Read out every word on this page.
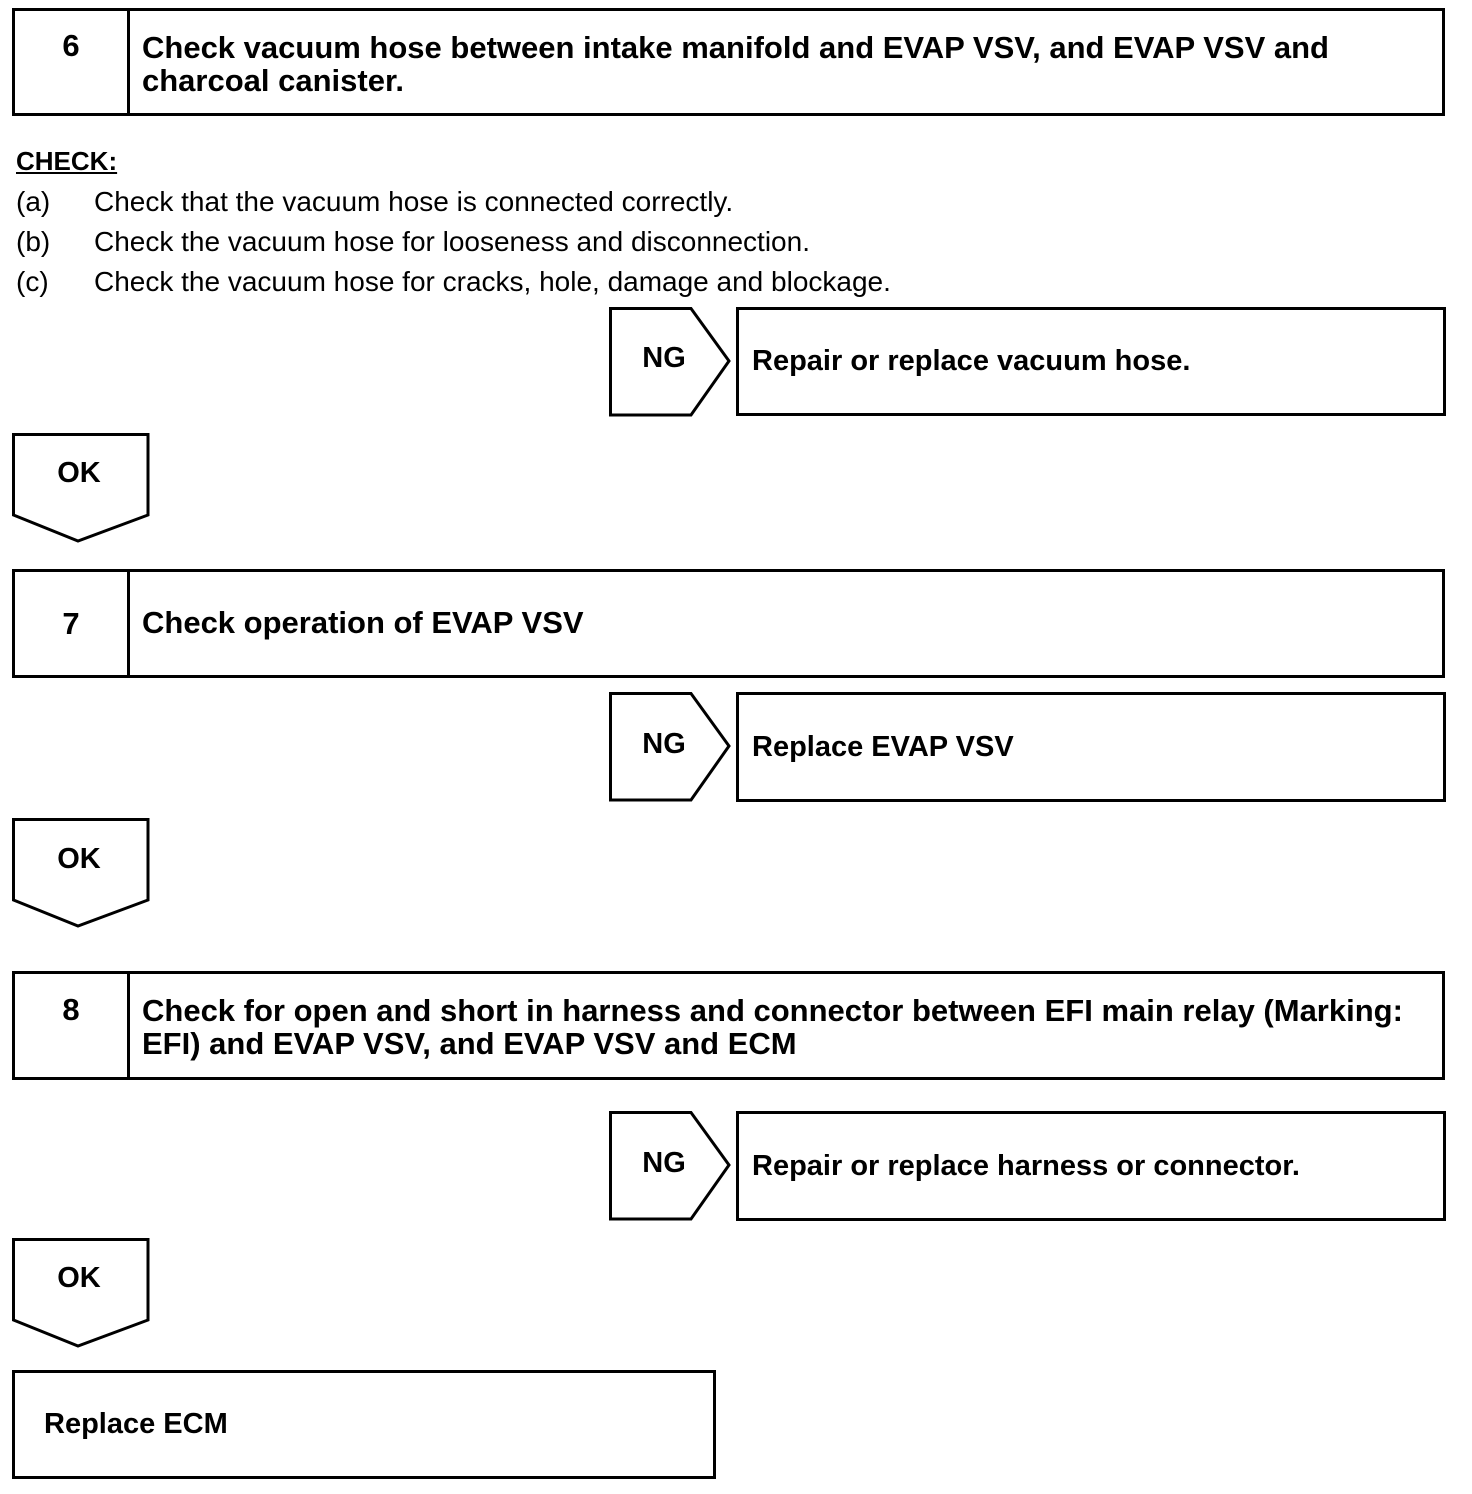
6	Check vacuum hose between intake manifold and EVAP VSV, and EVAP VSV and charcoal canister.
CHECK:
(a) Check that the vacuum hose is connected correctly.
(b) Check the vacuum hose for looseness and disconnection.
(c) Check the vacuum hose for cracks, hole, damage and blockage.
NG	Repair or replace vacuum hose.
OK
7	Check operation of EVAP VSV
NG	Replace EVAP VSV
OK
8	Check for open and short in harness and connector between EFI main relay (Marking: EFI) and EVAP VSV, and EVAP VSV and ECM
NG	Repair or replace harness or connector.
OK
Replace ECM
